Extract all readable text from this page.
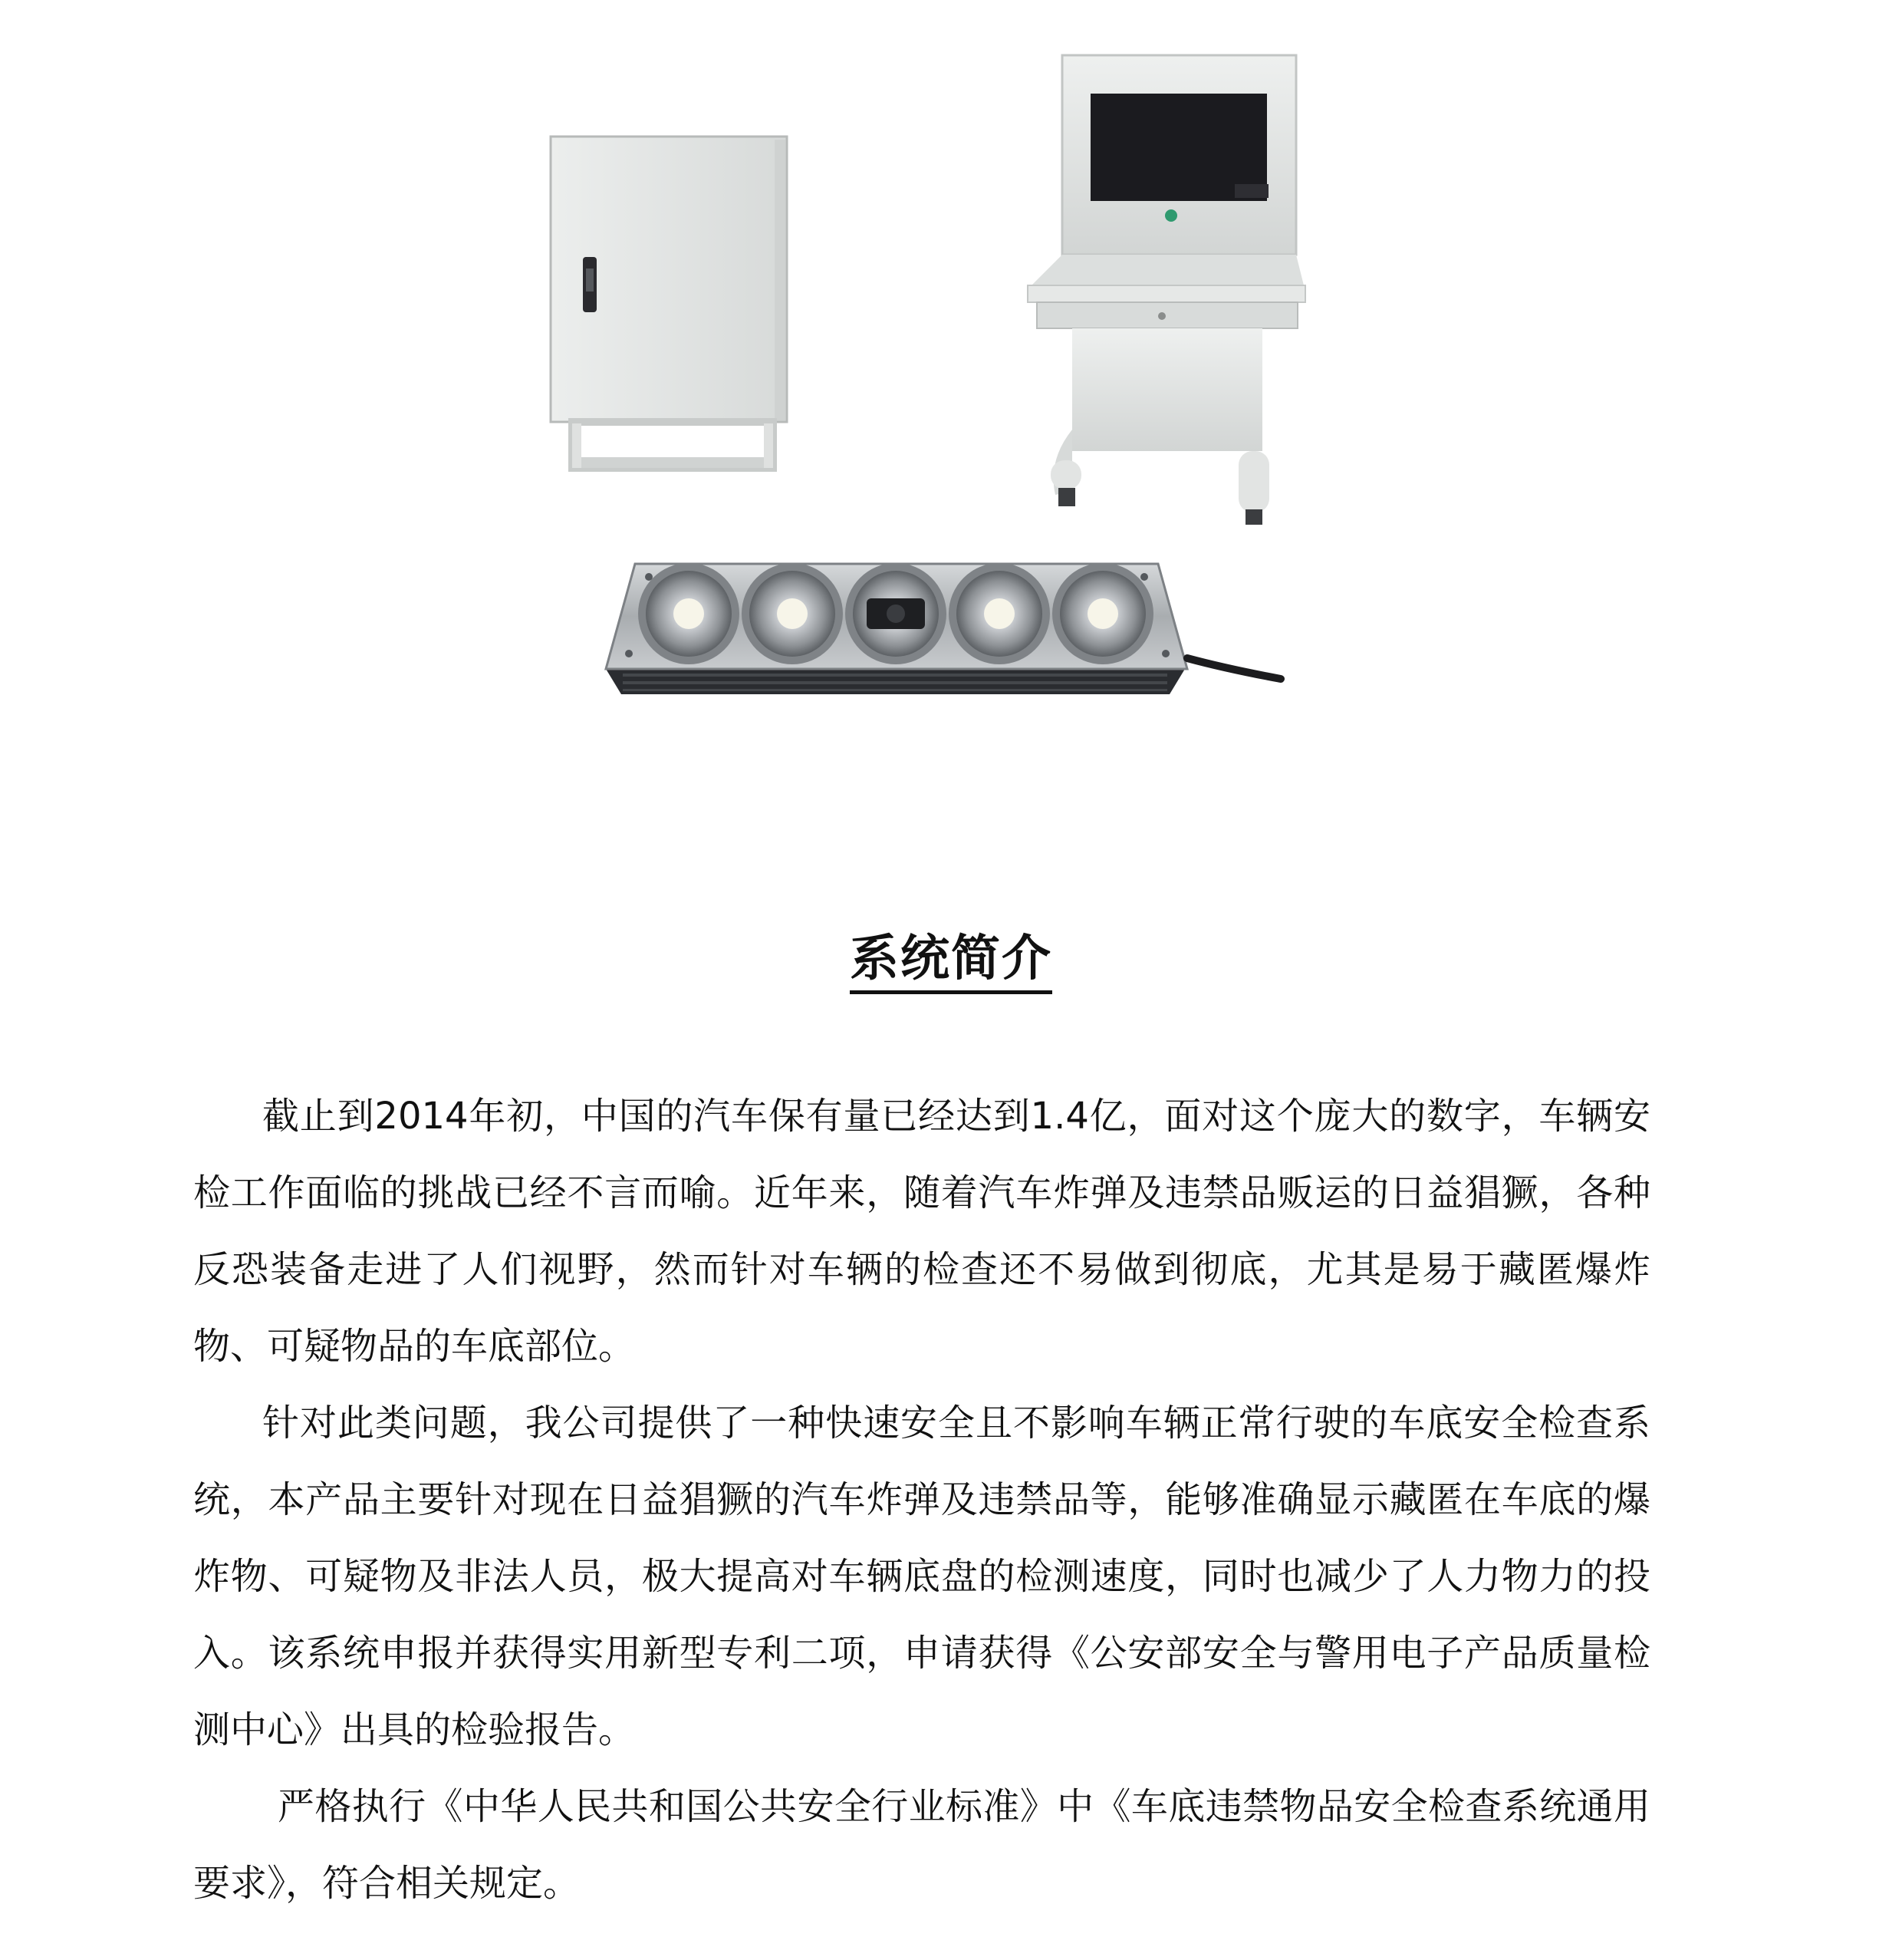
系统简介

截止到2014年初，中国的汽车保有量已经达到1.4亿，面对这个庞大的数字，车辆安检工作面临的挑战已经不言而喻。近年来，随着汽车炸弹及违禁品贩运的日益猖獗，各种反恐装备走进了人们视野，然而针对车辆的检查还不易做到彻底，尤其是易于藏匿爆炸物、可疑物品的车底部位。

针对此类问题，我公司提供了一种快速安全且不影响车辆正常行驶的车底安全检查系统，本产品主要针对现在日益猖獗的汽车炸弹及违禁品等，能够准确显示藏匿在车底的爆炸物、可疑物及非法人员，极大提高对车辆底盘的检测速度，同时也减少了人力物力的投入。该系统申报并获得实用新型专利二项，申请获得《公安部安全与警用电子产品质量检测中心》出具的检验报告。

严格执行《中华人民共和国公共安全行业标准》中《车底违禁物品安全检查系统通用要求》，符合相关规定。
